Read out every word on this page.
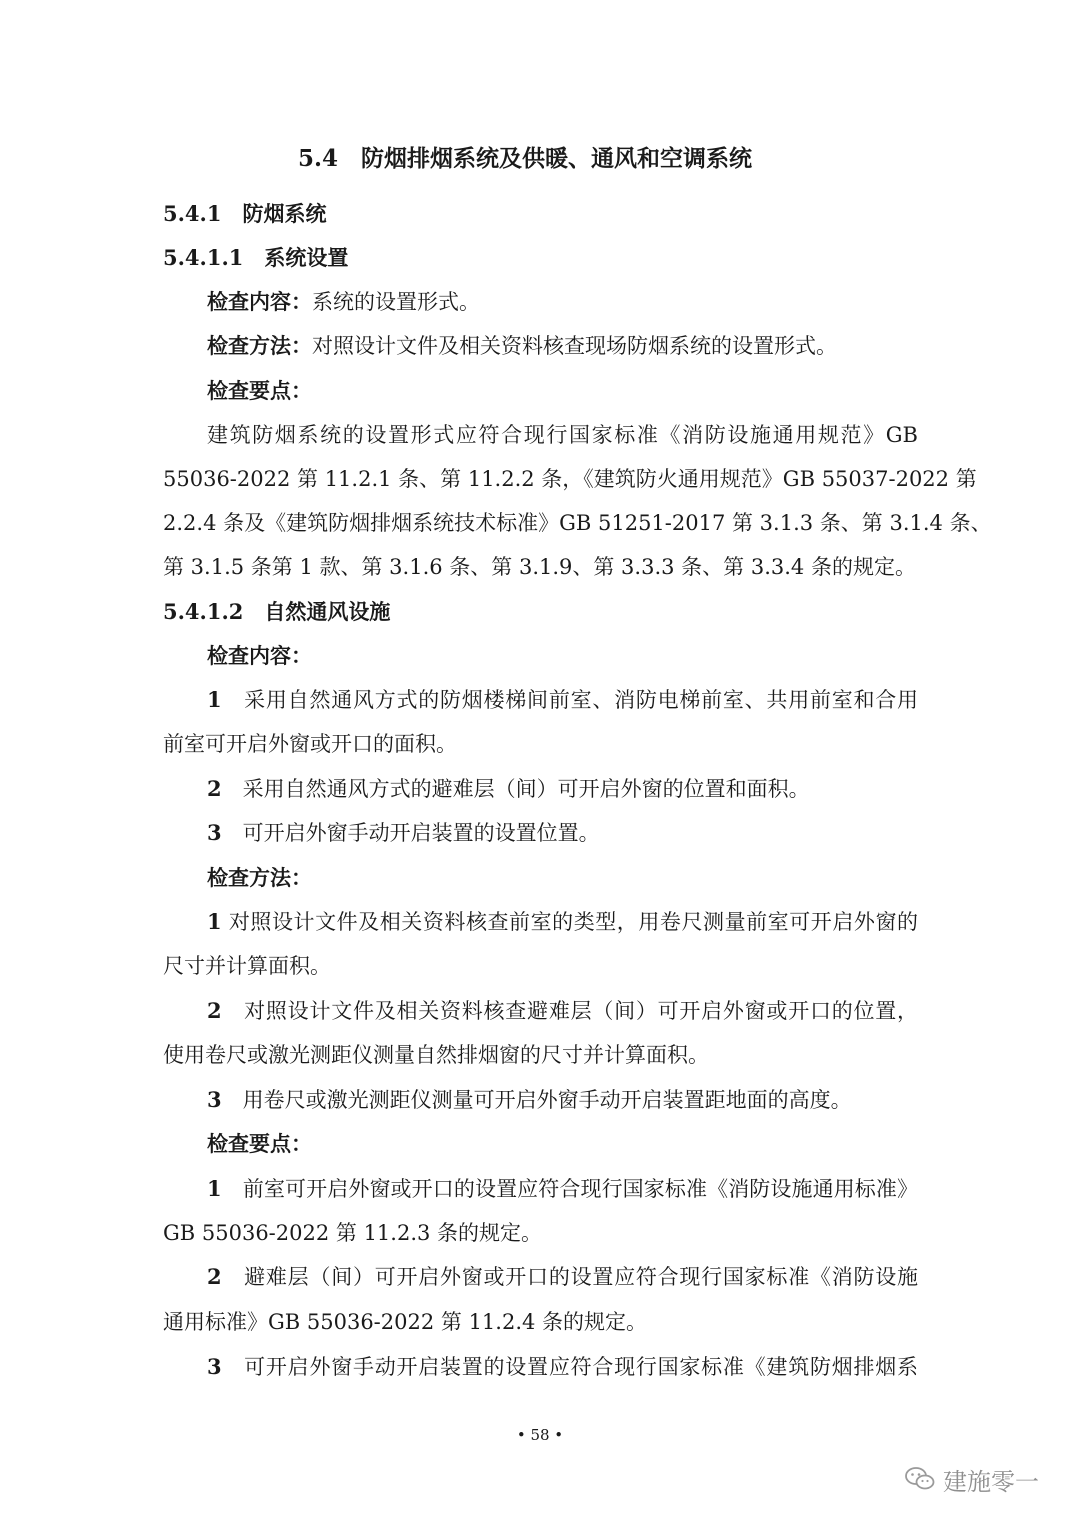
5.4　防烟排烟系统及供暖、通风和空调系统
5.4.1　防烟系统
5.4.1.1　系统设置
检查内容：系统的设置形式。
检查方法：对照设计文件及相关资料核查现场防烟系统的设置形式。
检查要点：
建筑防烟系统的设置形式应符合现行国家标准《消防设施通用规范》GB
55036-2022 第 11.2.1 条、第 11.2.2 条，《建筑防火通用规范》GB 55037-2022 第
2.2.4 条及《建筑防烟排烟系统技术标准》GB 51251-2017 第 3.1.3 条、第 3.1.4 条、
第 3.1.5 条第 1 款、第 3.1.6 条、第 3.1.9、第 3.3.3 条、第 3.3.4 条的规定。
5.4.1.2　自然通风设施
检查内容：
1　 采用自然通风方式的防烟楼梯间前室、消防电梯前室、共用前室和合用
前室可开启外窗或开口的面积。
2　 采用自然通风方式的避难层（间）可开启外窗的位置和面积。
3　 可开启外窗手动开启装置的设置位置。
检查方法：
1 对照设计文件及相关资料核查前室的类型，用卷尺测量前室可开启外窗的
尺寸并计算面积。
2　 对照设计文件及相关资料核查避难层（间）可开启外窗或开口的位置，
使用卷尺或激光测距仪测量自然排烟窗的尺寸并计算面积。
3　 用卷尺或激光测距仪测量可开启外窗手动开启装置距地面的高度。
检查要点：
1　 前室可开启外窗或开口的设置应符合现行国家标准《消防设施通用标准》
GB 55036-2022 第 11.2.3 条的规定。
2　 避难层（间）可开启外窗或开口的设置应符合现行国家标准《消防设施
通用标准》GB 55036-2022 第 11.2.4 条的规定。
3　 可开启外窗手动开启装置的设置应符合现行国家标准《建筑防烟排烟系
• 58 •
建施零一
